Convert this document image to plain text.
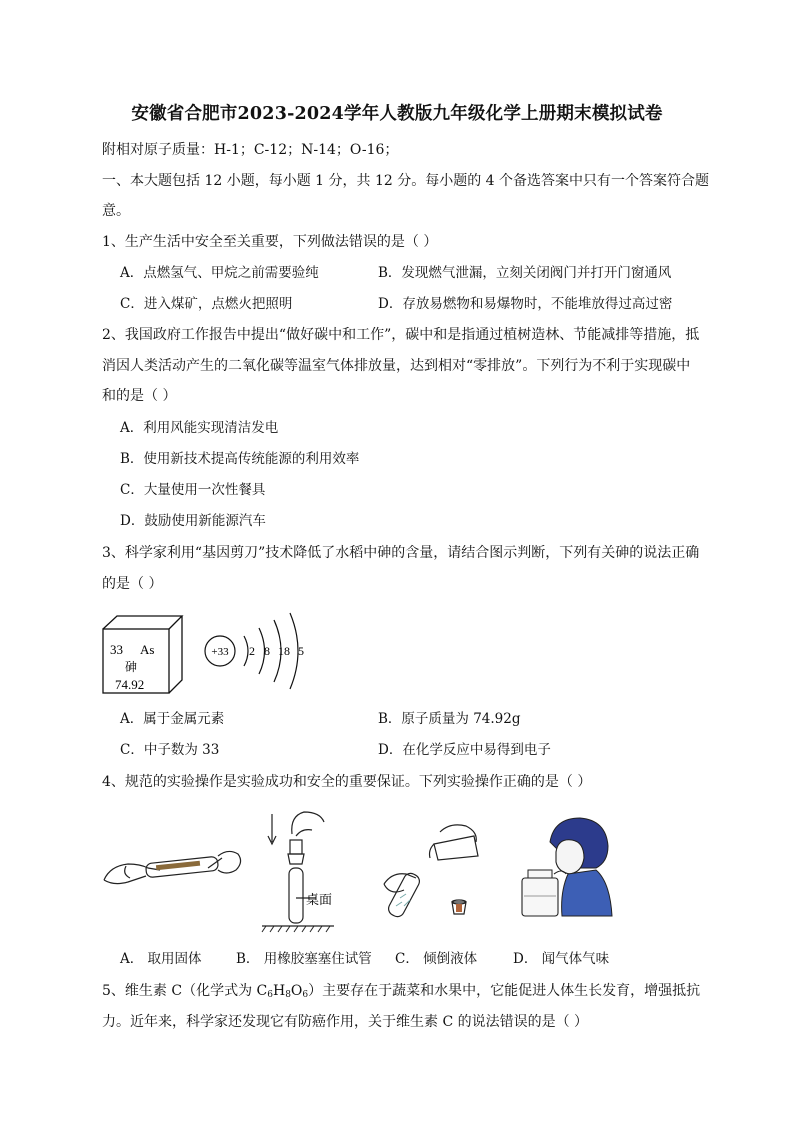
安徽省合肥市2023-2024学年人教版九年级化学上册期末模拟试卷
附相对原子质量：H-1；C-12；N-14；O-16；
一、本大题包括 12 小题，每小题 1 分，共 12 分。每小题的 4 个备选答案中只有一个答案符合题
意。
1、生产生活中安全至关重要，下列做法错误的是（ ）
A．点燃氢气、甲烷之前需要验纯	B．发现燃气泄漏，立刻关闭阀门并打开门窗通风
C．进入煤矿，点燃火把照明	D．存放易燃物和易爆物时，不能堆放得过高过密
2、我国政府工作报告中提出“做好碳中和工作”，碳中和是指通过植树造林、节能减排等措施，抵
消因人类活动产生的二氧化碳等温室气体排放量，达到相对“零排放”。下列行为不利于实现碳中
和的是（ ）
A．利用风能实现清洁发电
B．使用新技术提高传统能源的利用效率
C．大量使用一次性餐具
D．鼓励使用新能源汽车
3、科学家利用“基因剪刀”技术降低了水稻中砷的含量，请结合图示判断，下列有关砷的说法正确
的是（ ）
33 As
砷
74.92
+33 2 8 18 5
A．属于金属元素	B．原子质量为 74.92g
C．中子数为 33	D．在化学反应中易得到电子
4、规范的实验操作是实验成功和安全的重要保证。下列实验操作正确的是（ ）
桌面
A． 取用固体	B． 用橡胶塞塞住试管 C． 倾倒液体	D． 闻气体气味
5、维生素 C（化学式为 $C_6H_8O_6$）主要存在于蔬菜和水果中，它能促进人体生长发育，增强抵抗
力。近年来，科学家还发现它有防癌作用，关于维生素 C 的说法错误的是（ ）
